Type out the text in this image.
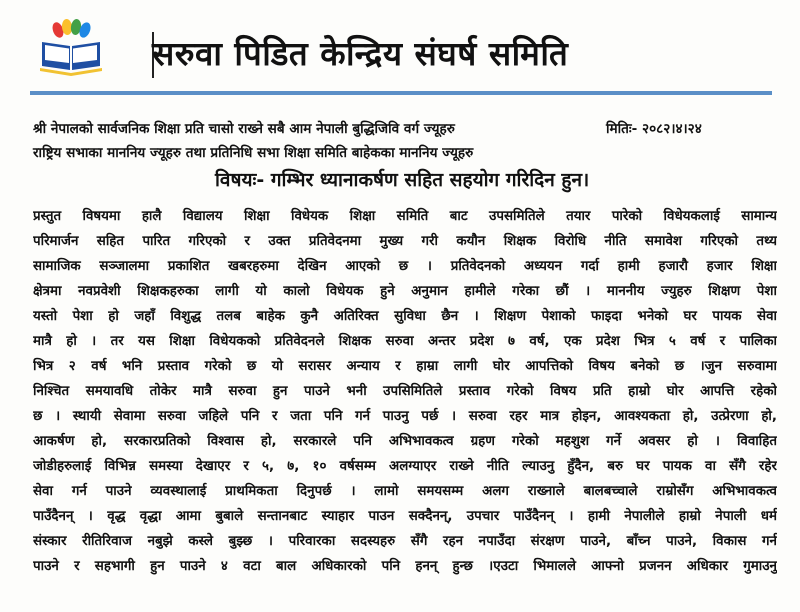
सरुवा पिडित केन्द्रिय संघर्ष समिति
श्री नेपालको सार्वजनिक शिक्षा प्रति चासो राख्ने सबै आम नेपाली बुद्धिजिवि वर्ग ज्यूहरु	मितिः- २०८२।४।२४
राष्ट्रिय सभाका माननिय ज्यूहरु तथा प्रतिनिधि सभा शिक्षा समिति बाहेकका माननिय ज्यूहरु
विषयः- गम्भिर ध्यानाकर्षण सहित सहयोग गरिदिन हुन।
प्रस्तुत विषयमा हालै विद्यालय शिक्षा विधेयक शिक्षा समिति बाट उपसमितिले तयार पारेको विधेयकलाई सामान्य
परिमार्जन सहित पारित गरिएको र उक्त प्रतिवेदनमा मुख्य गरी कयौन शिक्षक विरोधि नीति समावेश गरिएको तथ्य
सामाजिक सञ्जालमा प्रकाशित खबरहरुमा देखिन आएको छ । प्रतिवेदनको अध्ययन गर्दा हामी हजारौ हजार शिक्षा
क्षेत्रमा नवप्रवेशी शिक्षकहरुका लागी यो कालो विधेयक हुने अनुमान हामीले गरेका छौं । माननीय ज्युहरु शिक्षण पेशा
यस्तो पेशा हो जहाँ विशुद्ध तलब बाहेक कुनै अतिरिक्त सुविधा छैन । शिक्षण पेशाको फाइदा भनेको घर पायक सेवा
मात्रै हो । तर यस शिक्षा विधेयकको प्रतिवेदनले शिक्षक सरुवा अन्तर प्रदेश ७ वर्ष, एक प्रदेश भित्र ५ वर्ष र पालिका
भित्र २ वर्ष भनि प्रस्ताव गरेको छ यो सरासर अन्याय र हाम्रा लागी घोर आपत्तिको विषय बनेको छ ।जुन सरुवामा
निश्चित समयावधि तोकेर मात्रै सरुवा हुन पाउने भनी उपसिमितिले प्रस्ताव गरेको विषय प्रति हाम्रो घोर आपत्ति रहेको
छ । स्थायी सेवामा सरुवा जहिले पनि र जता पनि गर्न पाउनु पर्छ । सरुवा रहर मात्र होइन, आवश्यकता हो, उत्प्रेरणा हो,
आकर्षण हो, सरकारप्रतिको विश्वास हो, सरकारले पनि अभिभावकत्व ग्रहण गरेको महशुश गर्ने अवसर हो । विवाहित
जोडीहरुलाई विभिन्न समस्या देखाएर र ५, ७, १० वर्षसम्म अलग्याएर राख्ने नीति ल्याउनु हुँदैन, बरु घर पायक वा सँगै रहेर
सेवा गर्न पाउने व्यवस्थालाई प्राथमिकता दिनुपर्छ । लामो समयसम्म अलग राख्नाले बालबच्चाले राम्रोसँग अभिभावकत्व
पाउँदैनन् । वृद्ध वृद्धा आमा बुबाले सन्तानबाट स्याहार पाउन सक्दैनन्, उपचार पाउँदैनन् । हामी नेपालीले हाम्रो नेपाली धर्म
संस्कार रीतिरिवाज नबुझे कस्ले बुझ्छ । परिवारका सदस्यहरु सँगै रहन नपाउँदा संरक्षण पाउने, बाँच्न पाउने, विकास गर्न
पाउने र सहभागी हुन पाउने ४ वटा बाल अधिकारको पनि हनन् हुन्छ ।एउटा भिमालले आफ्नो प्रजनन अधिकार गुमाउनु
